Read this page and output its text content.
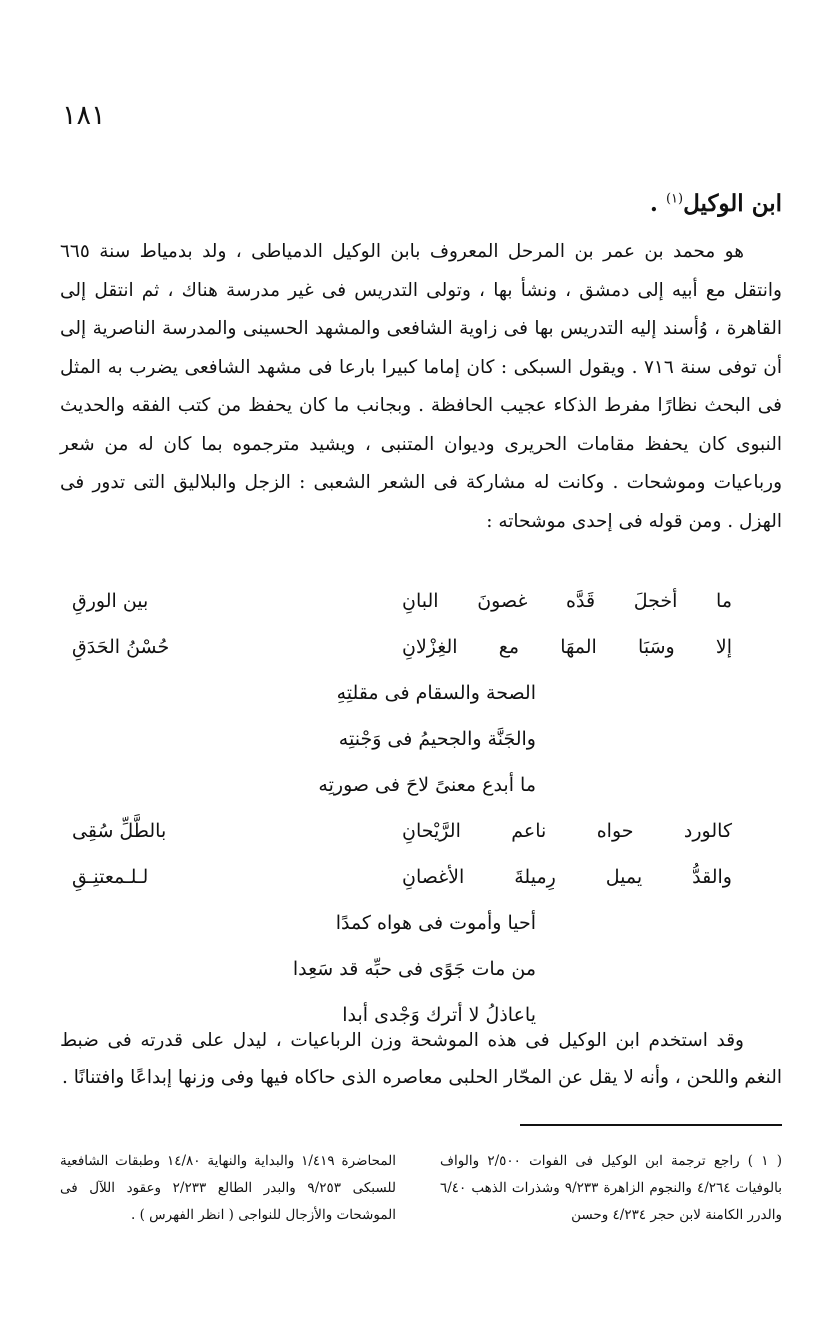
١٨١
ابن الوكيل$^{(١)}$ .

هو محمد بن عمر بن المرحل المعروف بابن الوكيل الدمياطى ، ولد بدمياط سنة ٦٦٥ وانتقل مع أبيه إلى دمشق ، ونشأ بها ، وتولى التدريس فى غير مدرسة هناك ، ثم انتقل إلى القاهرة ، وُأسند إليه التدريس بها فى زاوية الشافعى والمشهد الحسينى والمدرسة الناصرية إلى أن توفى سنة ٧١٦ . ويقول السبكى : كان إماما كبيرا بارعا فى مشهد الشافعى يضرب به المثل فى البحث نظارًا مفرط الذكاء عجيب الحافظة . وبجانب ما كان يحفظ من كتب الفقه والحديث النبوى كان يحفظ مقامات الحريرى وديوان المتنبى ، ويشيد مترجموه بما كان له من شعر ورباعيات وموشحات . وكانت له مشاركة فى الشعر الشعبى : الزجل والبلاليق التى تدور فى الهزل . ومن قوله فى إحدى موشحاته :

ما أخجلَ قَدَّه غصونَ البانِ
بين الورقِ
إلا وسَبَا المهَا مع الغِزْلانِ
حُسْنُ الحَدَقِ
الصحة والسقام فى مقلتِهِ
والجَنَّة والجحيمُ فى وَجْنتِه
ما أبدع معنىً لاحَ فى صورتِه
كالورد حواه ناعم الرَّيْحانِ
بالطَّلِّ سُقِى
والقدُّ يميل رِميلةَ الأغصانِ
لـلـمعتنِـقِ
أحيا وأموت فى هواه كمدًا
من مات جَوًى فى حبِّه قد سَعِدا
ياعاذلُ لا أترك وَجْدى أبدا

وقد استخدم ابن الوكيل فى هذه الموشحة وزن الرباعيات ، ليدل على قدرته فى ضبط النغم واللحن ، وأنه لا يقل عن المحّار الحلبى معاصره الذى حاكاه فيها وفى وزنها إبداعًا وافتنانًا .

( ١ ) راجع ترجمة ابن الوكيل فى الفوات ٢/٥٠٠ والواف بالوفيات ٤/٢٦٤ والنجوم الزاهرة ٩/٢٣٣ وشذرات الذهب ٦/٤٠ والدرر الكامنة لابن حجر ٤/٢٣٤ وحسن
المحاضرة ١/٤١٩ والبداية والنهاية ١٤/٨٠ وطبقات الشافعية للسبكى ٩/٢٥٣ والبدر الطالع ٢/٢٣٣ وعقود اللآل فى الموشحات والأزجال للنواجى ( انظر الفهرس ) .
